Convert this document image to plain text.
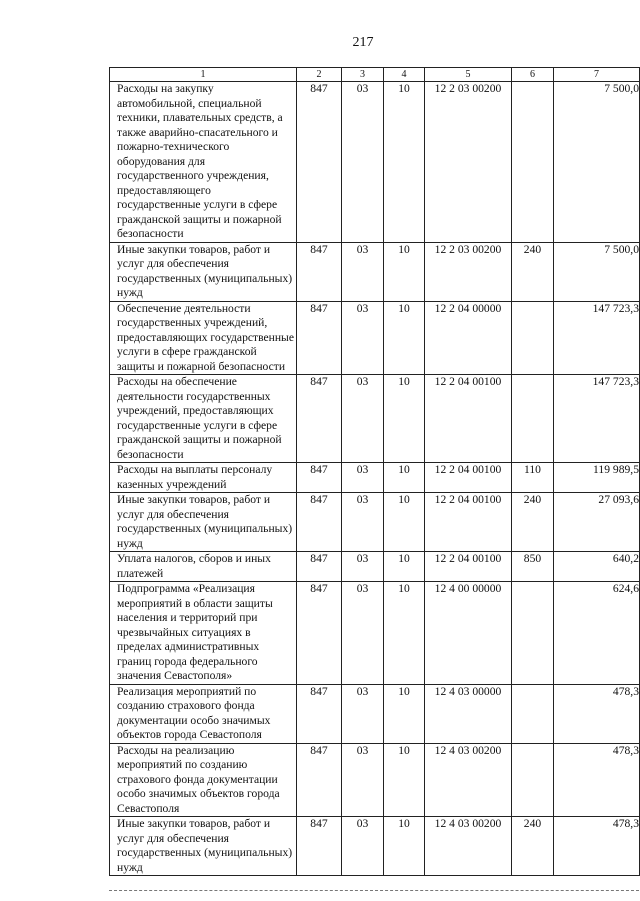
217
1	2	3	4	5	6	7
Расходы на закупку автомобильной, специальной техники, плавательных средств, а также аварийно-спасательного и пожарно-технического оборудования для государственного учреждения, предоставляющего государственные услуги в сфере гражданской защиты и пожарной безопасности	847	03	10	12 2 03 00200		7 500,0
Иные закупки товаров, работ и услуг для обеспечения государственных (муниципальных) нужд	847	03	10	12 2 03 00200	240	7 500,0
Обеспечение деятельности государственных учреждений, предоставляющих государственные услуги в сфере гражданской защиты и пожарной безопасности	847	03	10	12 2 04 00000		147 723,3
Расходы на обеспечение деятельности государственных учреждений, предоставляющих государственные услуги в сфере гражданской защиты и пожарной безопасности	847	03	10	12 2 04 00100		147 723,3
Расходы на выплаты персоналу казенных учреждений	847	03	10	12 2 04 00100	110	119 989,5
Иные закупки товаров, работ и услуг для обеспечения государственных (муниципальных) нужд	847	03	10	12 2 04 00100	240	27 093,6
Уплата налогов, сборов и иных платежей	847	03	10	12 2 04 00100	850	640,2
Подпрограмма «Реализация мероприятий в области защиты населения и территорий при чрезвычайных ситуациях в пределах административных границ города федерального значения Севастополя»	847	03	10	12 4 00 00000		624,6
Реализация мероприятий по созданию страхового фонда документации особо значимых объектов города Севастополя	847	03	10	12 4 03 00000		478,3
Расходы на реализацию мероприятий по созданию страхового фонда документации особо значимых объектов города Севастополя	847	03	10	12 4 03 00200		478,3
Иные закупки товаров, работ и услуг для обеспечения государственных (муниципальных) нужд	847	03	10	12 4 03 00200	240	478,3
